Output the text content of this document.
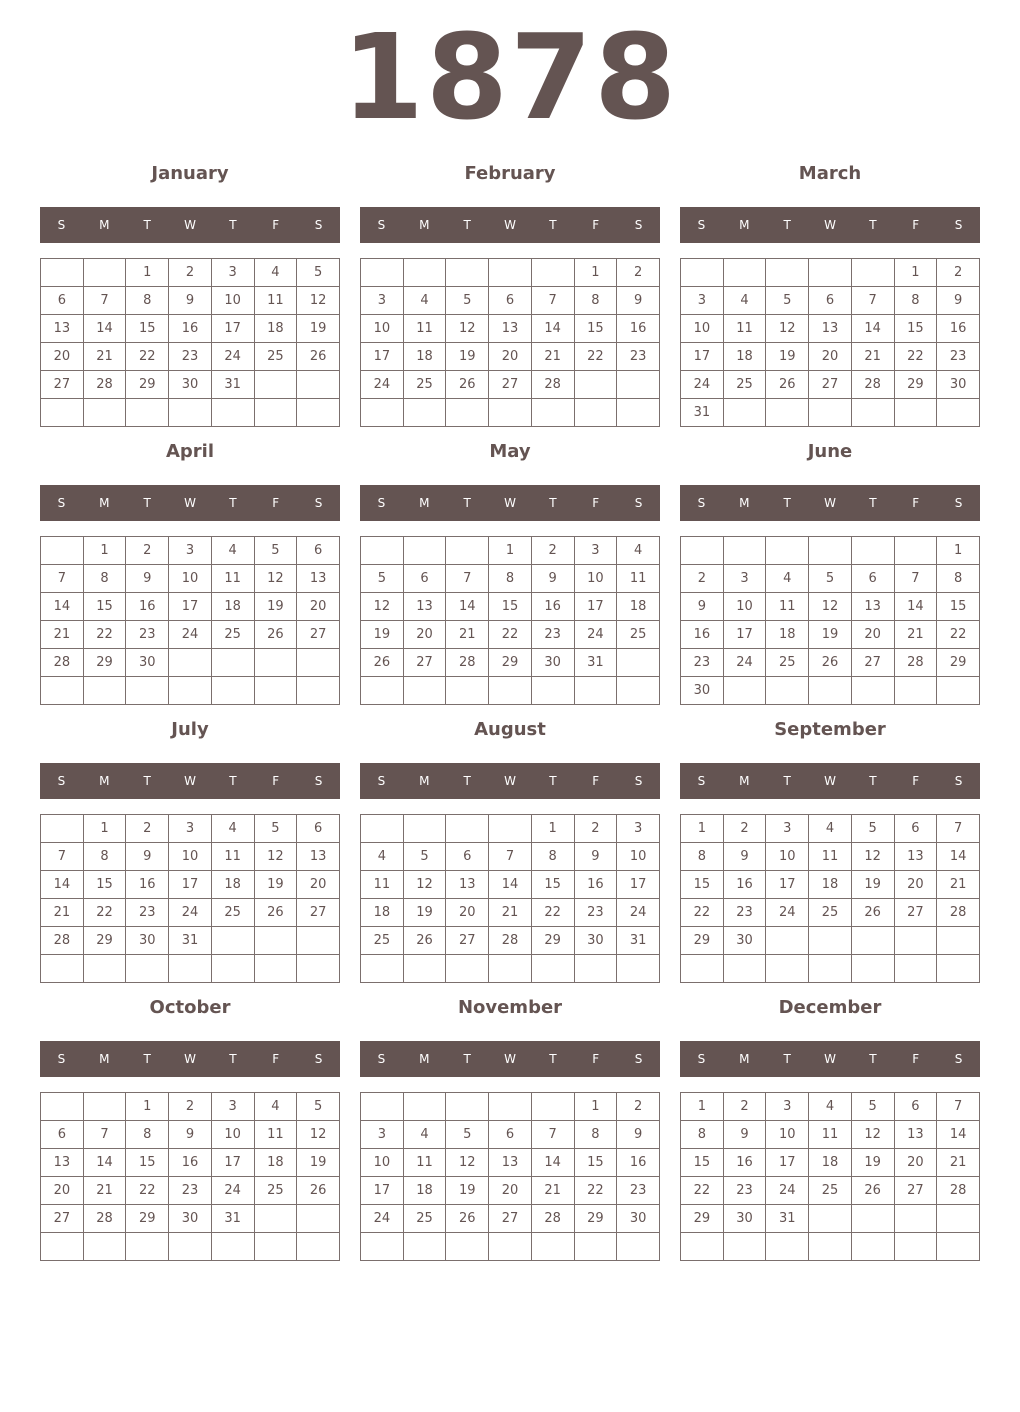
1878
January
S	M	T	W	T	F	S
		1	2	3	4	5
6	7	8	9	10	11	12
13	14	15	16	17	18	19
20	21	22	23	24	25	26
27	28	29	30	31		

February
S	M	T	W	T	F	S
					1	2
3	4	5	6	7	8	9
10	11	12	13	14	15	16
17	18	19	20	21	22	23
24	25	26	27	28		

March
S	M	T	W	T	F	S
					1	2
3	4	5	6	7	8	9
10	11	12	13	14	15	16
17	18	19	20	21	22	23
24	25	26	27	28	29	30
31						
April
S	M	T	W	T	F	S
	1	2	3	4	5	6
7	8	9	10	11	12	13
14	15	16	17	18	19	20
21	22	23	24	25	26	27
28	29	30				

May
S	M	T	W	T	F	S
			1	2	3	4
5	6	7	8	9	10	11
12	13	14	15	16	17	18
19	20	21	22	23	24	25
26	27	28	29	30	31	

June
S	M	T	W	T	F	S
						1
2	3	4	5	6	7	8
9	10	11	12	13	14	15
16	17	18	19	20	21	22
23	24	25	26	27	28	29
30						
July
S	M	T	W	T	F	S
	1	2	3	4	5	6
7	8	9	10	11	12	13
14	15	16	17	18	19	20
21	22	23	24	25	26	27
28	29	30	31			

August
S	M	T	W	T	F	S
				1	2	3
4	5	6	7	8	9	10
11	12	13	14	15	16	17
18	19	20	21	22	23	24
25	26	27	28	29	30	31

September
S	M	T	W	T	F	S
1	2	3	4	5	6	7
8	9	10	11	12	13	14
15	16	17	18	19	20	21
22	23	24	25	26	27	28
29	30					

October
S	M	T	W	T	F	S
		1	2	3	4	5
6	7	8	9	10	11	12
13	14	15	16	17	18	19
20	21	22	23	24	25	26
27	28	29	30	31		

November
S	M	T	W	T	F	S
					1	2
3	4	5	6	7	8	9
10	11	12	13	14	15	16
17	18	19	20	21	22	23
24	25	26	27	28	29	30

December
S	M	T	W	T	F	S
1	2	3	4	5	6	7
8	9	10	11	12	13	14
15	16	17	18	19	20	21
22	23	24	25	26	27	28
29	30	31				
